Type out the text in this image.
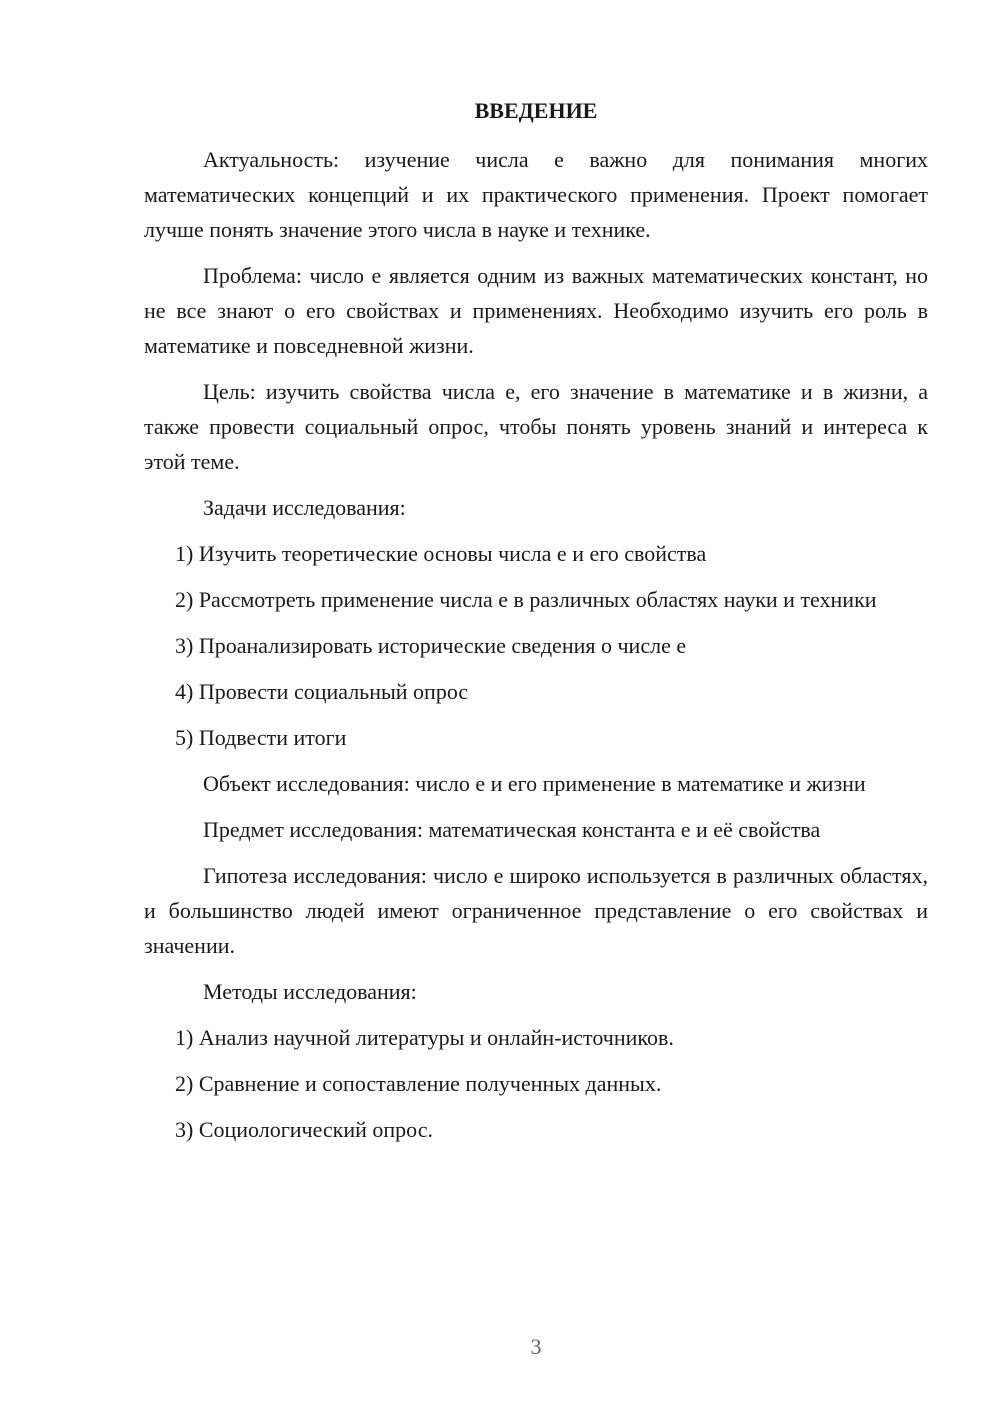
ВВЕДЕНИЕ

Актуальность: изучение числа е важно для понимания многих математических концепций и их практического применения. Проект помогает лучше понять значение этого числа в науке и технике.

Проблема: число е является одним из важных математических констант, но не все знают о его свойствах и применениях. Необходимо изучить его роль в математике и повседневной жизни.

Цель: изучить свойства числа е, его значение в математике и в жизни, а также провести социальный опрос, чтобы понять уровень знаний и интереса к этой теме.

Задачи исследования:

1) Изучить теоретические основы числа е и его свойства

2) Рассмотреть применение числа е в различных областях науки и техники

3) Проанализировать исторические сведения о числе е

4) Провести социальный опрос

5) Подвести итоги

Объект исследования: число е и его применение в математике и жизни

Предмет исследования: математическая константа е и её свойства

Гипотеза исследования: число е широко используется в различных областях, и большинство людей имеют ограниченное представление о его свойствах и значении.

Методы исследования:

1) Анализ научной литературы и онлайн-источников.

2) Сравнение и сопоставление полученных данных.

3) Социологический опрос.

3
